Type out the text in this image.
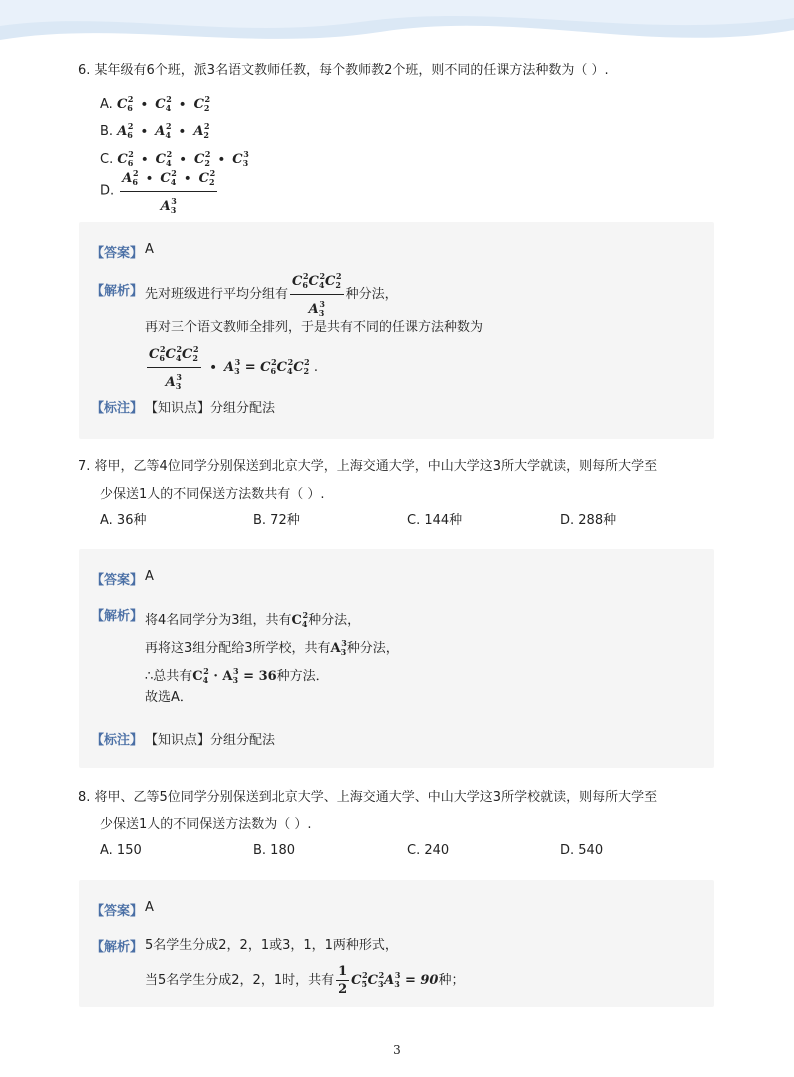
6. 某年级有6个班，派3名语文教师任教，每个教师教2个班，则不同的任课方法种数为（ ）.
A. $C_6^2 \cdot C_4^2 \cdot C_2^2$
B. $A_6^2 \cdot A_4^2 \cdot A_2^2$
C. $C_6^2 \cdot C_4^2 \cdot C_2^2 \cdot C_3^3$
D. $\frac{A_6^2 \cdot C_4^2 \cdot C_2^2}{A_3^3}$
【答案】 A
【解析】 先对班级进行平均分组有 $\frac{C_6^2C_4^2C_2^2}{A_3^3}$ 种分法，
再对三个语文教师全排列，于是共有不同的任课方法种数为
$\frac{C_6^2C_4^2C_2^2}{A_3^3} \cdot A_3^3 = C_6^2C_4^2C_2^2$ .
【标注】 【知识点】分组分配法
7. 将甲，乙等4位同学分别保送到北京大学，上海交通大学，中山大学这3所大学就读，则每所大学至
少保送1人的不同保送方法数共有（ ）.
A. 36种	B. 72种	C. 144种	D. 288种
【答案】 A
【解析】 将4名同学分为3组，共有$C_4^2$种分法，
再将这3组分配给3所学校，共有$A_3^3$种分法，
∴总共有$C_4^2 \cdot A_3^3 = 36$种方法．
故选A．
【标注】 【知识点】分组分配法
8. 将甲、乙等5位同学分别保送到北京大学、上海交通大学、中山大学这3所学校就读，则每所大学至
少保送1人的不同保送方法数为（ ）.
A. 150	B. 180	C. 240	D. 540
【答案】 A
【解析】 5名学生分成2，2，1或3，1，1两种形式，
当5名学生分成2，2，1时，共有 $\frac{1}{2} C_5^2C_3^2A_3^3 = 90$种；
3
